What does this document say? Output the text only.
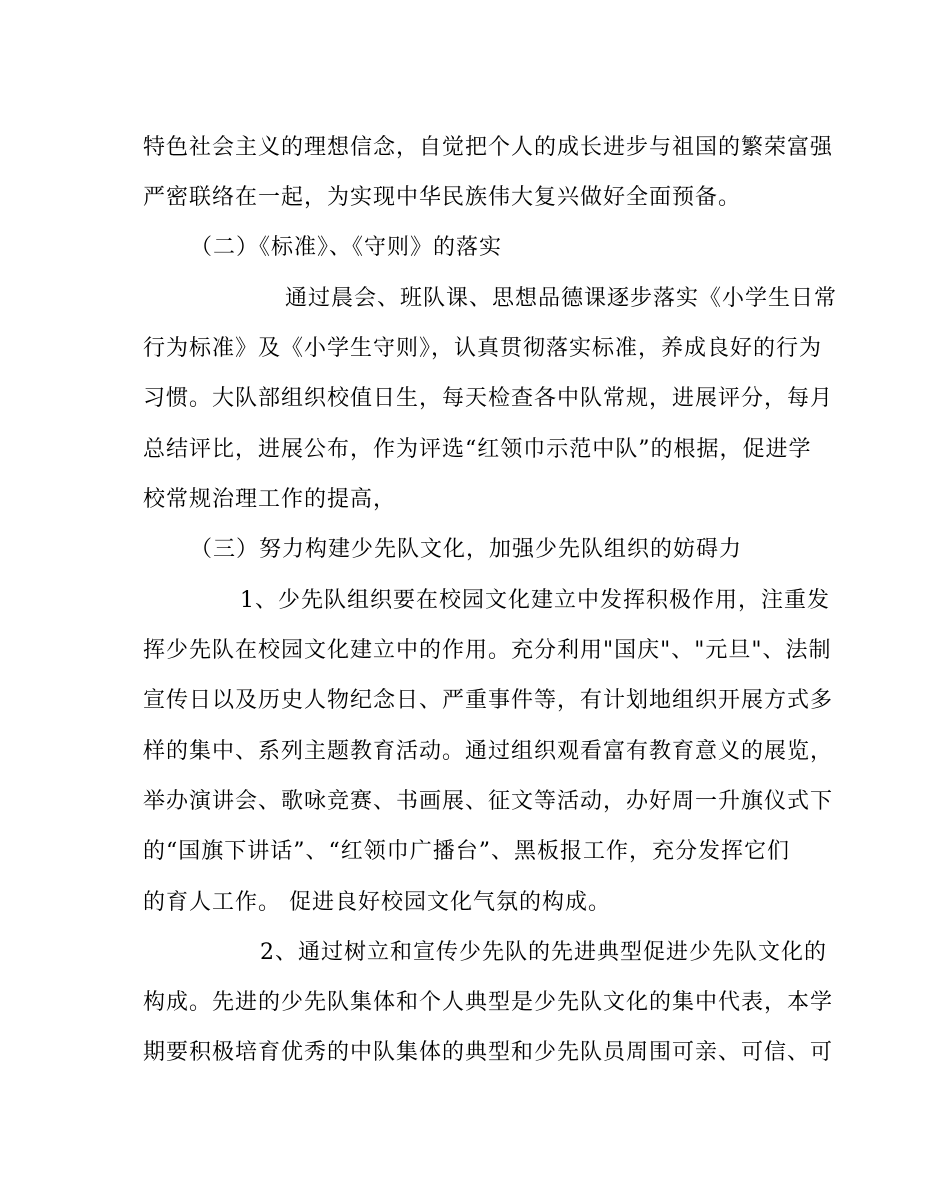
特色社会主义的理想信念，自觉把个人的成长进步与祖国的繁荣富强
严密联络在一起，为实现中华民族伟大复兴做好全面预备。
（二）《标准》、《守则》的落实
通过晨会、班队课、思想品德课逐步落实《小学生日常
行为标准》及《小学生守则》，认真贯彻落实标准，养成良好的行为
习惯。大队部组织校值日生，每天检查各中队常规，进展评分，每月
总结评比，进展公布，作为评选“红领巾示范中队”的根据，促进学
校常规治理工作的提高，
（三）努力构建少先队文化，加强少先队组织的妨碍力
1、少先队组织要在校园文化建立中发挥积极作用，注重发
挥少先队在校园文化建立中的作用。充分利用"国庆"、"元旦"、法制
宣传日以及历史人物纪念日、严重事件等，有计划地组织开展方式多
样的集中、系列主题教育活动。通过组织观看富有教育意义的展览，
举办演讲会、歌咏竞赛、书画展、征文等活动，办好周一升旗仪式下
的“国旗下讲话”、“红领巾广播台”、黑板报工作，充分发挥它们
的育人工作。 促进良好校园文化气氛的构成。
2、通过树立和宣传少先队的先进典型促进少先队文化的
构成。先进的少先队集体和个人典型是少先队文化的集中代表，本学
期要积极培育优秀的中队集体的典型和少先队员周围可亲、可信、可
